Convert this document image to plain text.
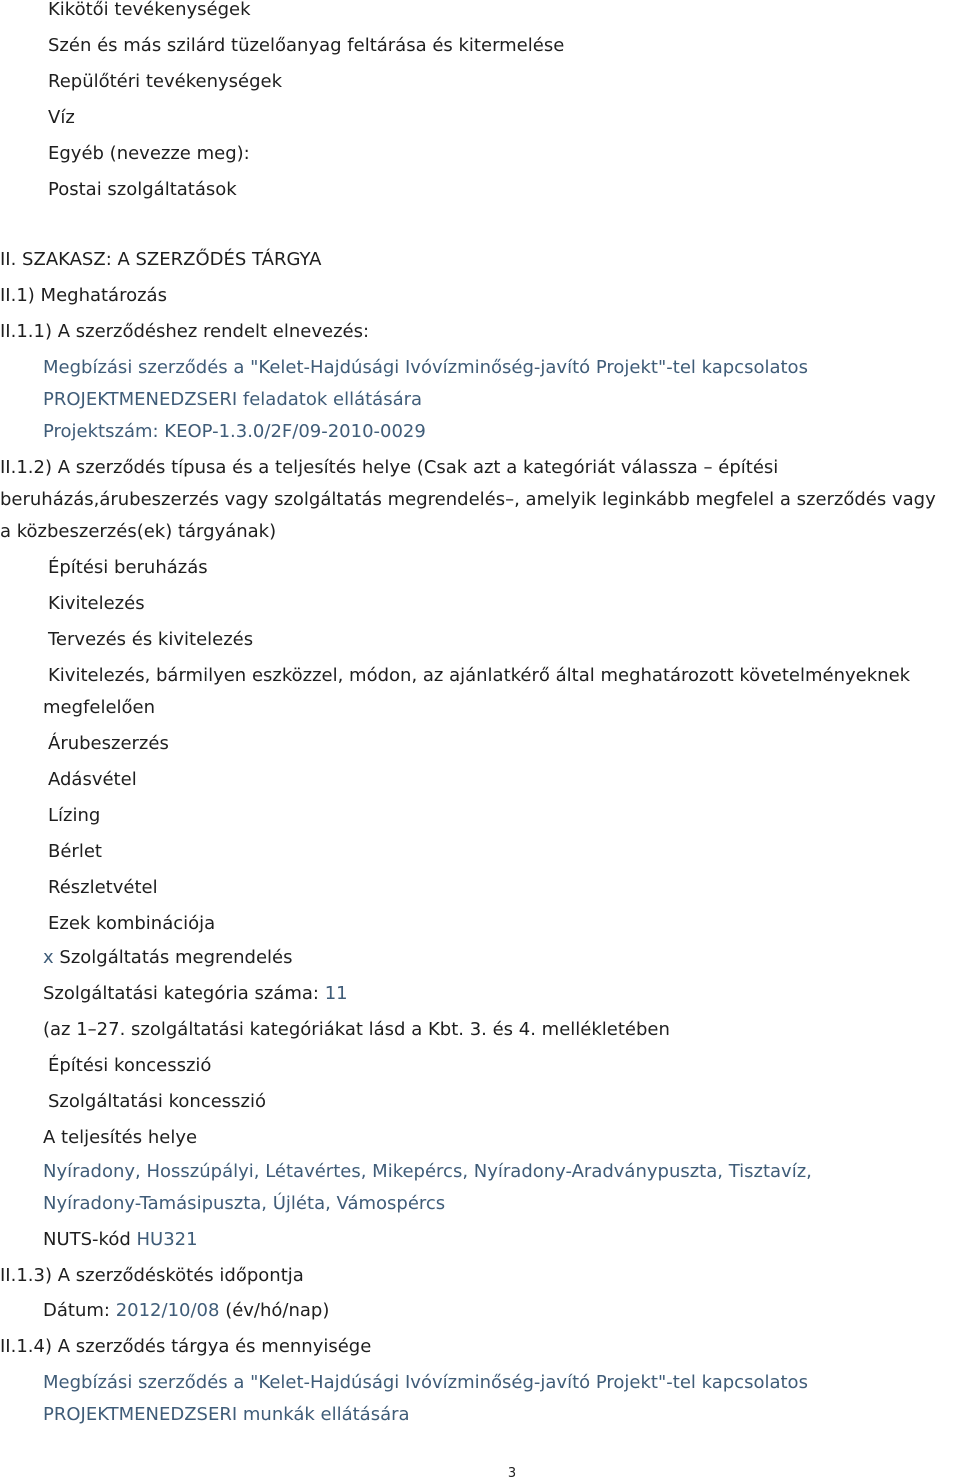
Kikötői tevékenységek
Szén és más szilárd tüzelőanyag feltárása és kitermelése
Repülőtéri tevékenységek
Víz
Egyéb (nevezze meg):
Postai szolgáltatások
II. SZAKASZ: A SZERZŐDÉS TÁRGYA
II.1) Meghatározás
II.1.1) A szerződéshez rendelt elnevezés:
Megbízási szerződés a "Kelet-Hajdúsági Ivóvízminőség-javító Projekt"-tel kapcsolatos
PROJEKTMENEDZSERI feladatok ellátására
Projektszám: KEOP-1.3.0/2F/09-2010-0029
II.1.2) A szerződés típusa és a teljesítés helye (Csak azt a kategóriát válassza – építési
beruházás,árubeszerzés vagy szolgáltatás megrendelés–, amelyik leginkább megfelel a szerződés vagy
a közbeszerzés(ek) tárgyának)
Építési beruházás
Kivitelezés
Tervezés és kivitelezés
Kivitelezés, bármilyen eszközzel, módon, az ajánlatkérő által meghatározott követelményeknek
megfelelően
Árubeszerzés
Adásvétel
Lízing
Bérlet
Részletvétel
Ezek kombinációja
x Szolgáltatás megrendelés
Szolgáltatási kategória száma: 11
(az 1–27. szolgáltatási kategóriákat lásd a Kbt. 3. és 4. mellékletében
Építési koncesszió
Szolgáltatási koncesszió
A teljesítés helye
Nyíradony, Hosszúpályi, Létavértes, Mikepércs, Nyíradony-Aradványpuszta, Tisztavíz,
Nyíradony-Tamásipuszta, Újléta, Vámospércs
NUTS-kód HU321
II.1.3) A szerződéskötés időpontja
Dátum: 2012/10/08 (év/hó/nap)
II.1.4) A szerződés tárgya és mennyisége
Megbízási szerződés a "Kelet-Hajdúsági Ivóvízminőség-javító Projekt"-tel kapcsolatos
PROJEKTMENEDZSERI munkák ellátására
3
